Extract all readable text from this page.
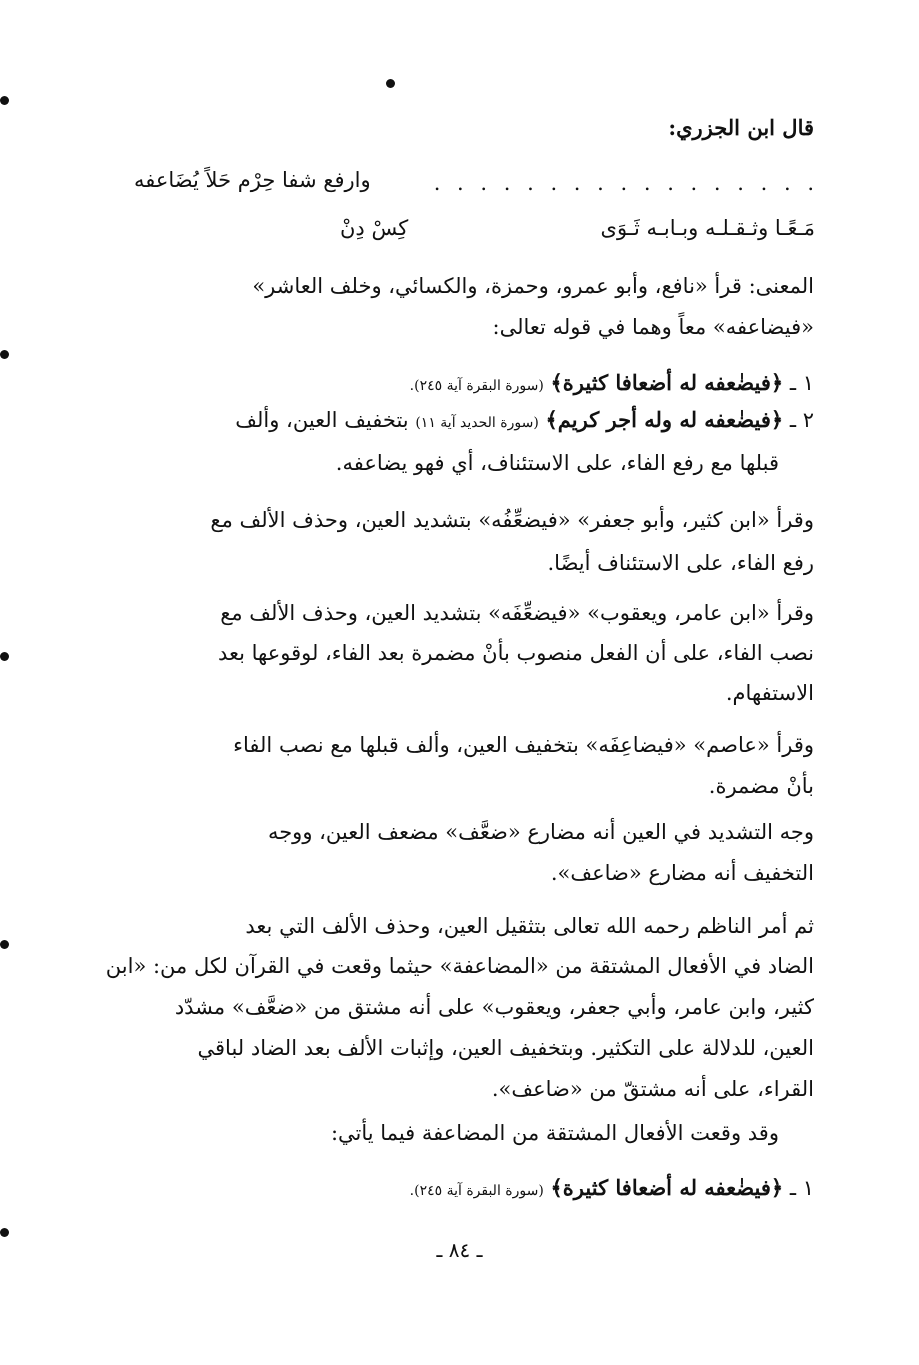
قال ابن الجزري:
. . . . . . . . . . . . . . . . .
وارفع شفا حِرْم حَلاً يُضَاعفه
مَـعًـا وثـقـلـه وبـابـه ثَـوَى
كِسْ دِنْ
المعنى: قرأ «نافع، وأبو عمرو، وحمزة، والكسائي، وخلف العاشر»
«فيضاعفه» معاً وهما في قوله تعالى:
١ ـ ﴿فيضٰعفه له أضعافا كثيرة﴾ (سورة البقرة آية ٢٤٥).
٢ ـ ﴿فيضٰعفه له وله أجر كريم﴾ (سورة الحديد آية ١١) بتخفيف العين، وألف
قبلها مع رفع الفاء، على الاستئناف، أي فهو يضاعفه.
وقرأ «ابن كثير، وأبو جعفر» «فيضعِّفُه» بتشديد العين، وحذف الألف مع
رفع الفاء، على الاستئناف أيضًا.
وقرأ «ابن عامر، ويعقوب» «فيضعِّفَه» بتشديد العين، وحذف الألف مع
نصب الفاء، على أن الفعل منصوب بأنْ مضمرة بعد الفاء، لوقوعها بعد
الاستفهام.
وقرأ «عاصم» «فيضاعِفَه» بتخفيف العين، وألف قبلها مع نصب الفاء
بأنْ مضمرة.
وجه التشديد في العين أنه مضارع «ضعَّف» مضعف العين، ووجه
التخفيف أنه مضارع «ضاعف».
ثم أمر الناظم رحمه الله تعالى بتثقيل العين، وحذف الألف التي بعد
الضاد في الأفعال المشتقة من «المضاعفة» حيثما وقعت في القرآن لكل من: «ابن
كثير، وابن عامر، وأبي جعفر، ويعقوب» على أنه مشتق من «ضعَّف» مشدّد
العين، للدلالة على التكثير. وبتخفيف العين، وإثبات الألف بعد الضاد لباقي
القراء، على أنه مشتقّ من «ضاعف».
وقد وقعت الأفعال المشتقة من المضاعفة فيما يأتي:
١ ـ ﴿فيضٰعفه له أضعافا كثيرة﴾ (سورة البقرة آية ٢٤٥).
ـ ٨٤ ـ
